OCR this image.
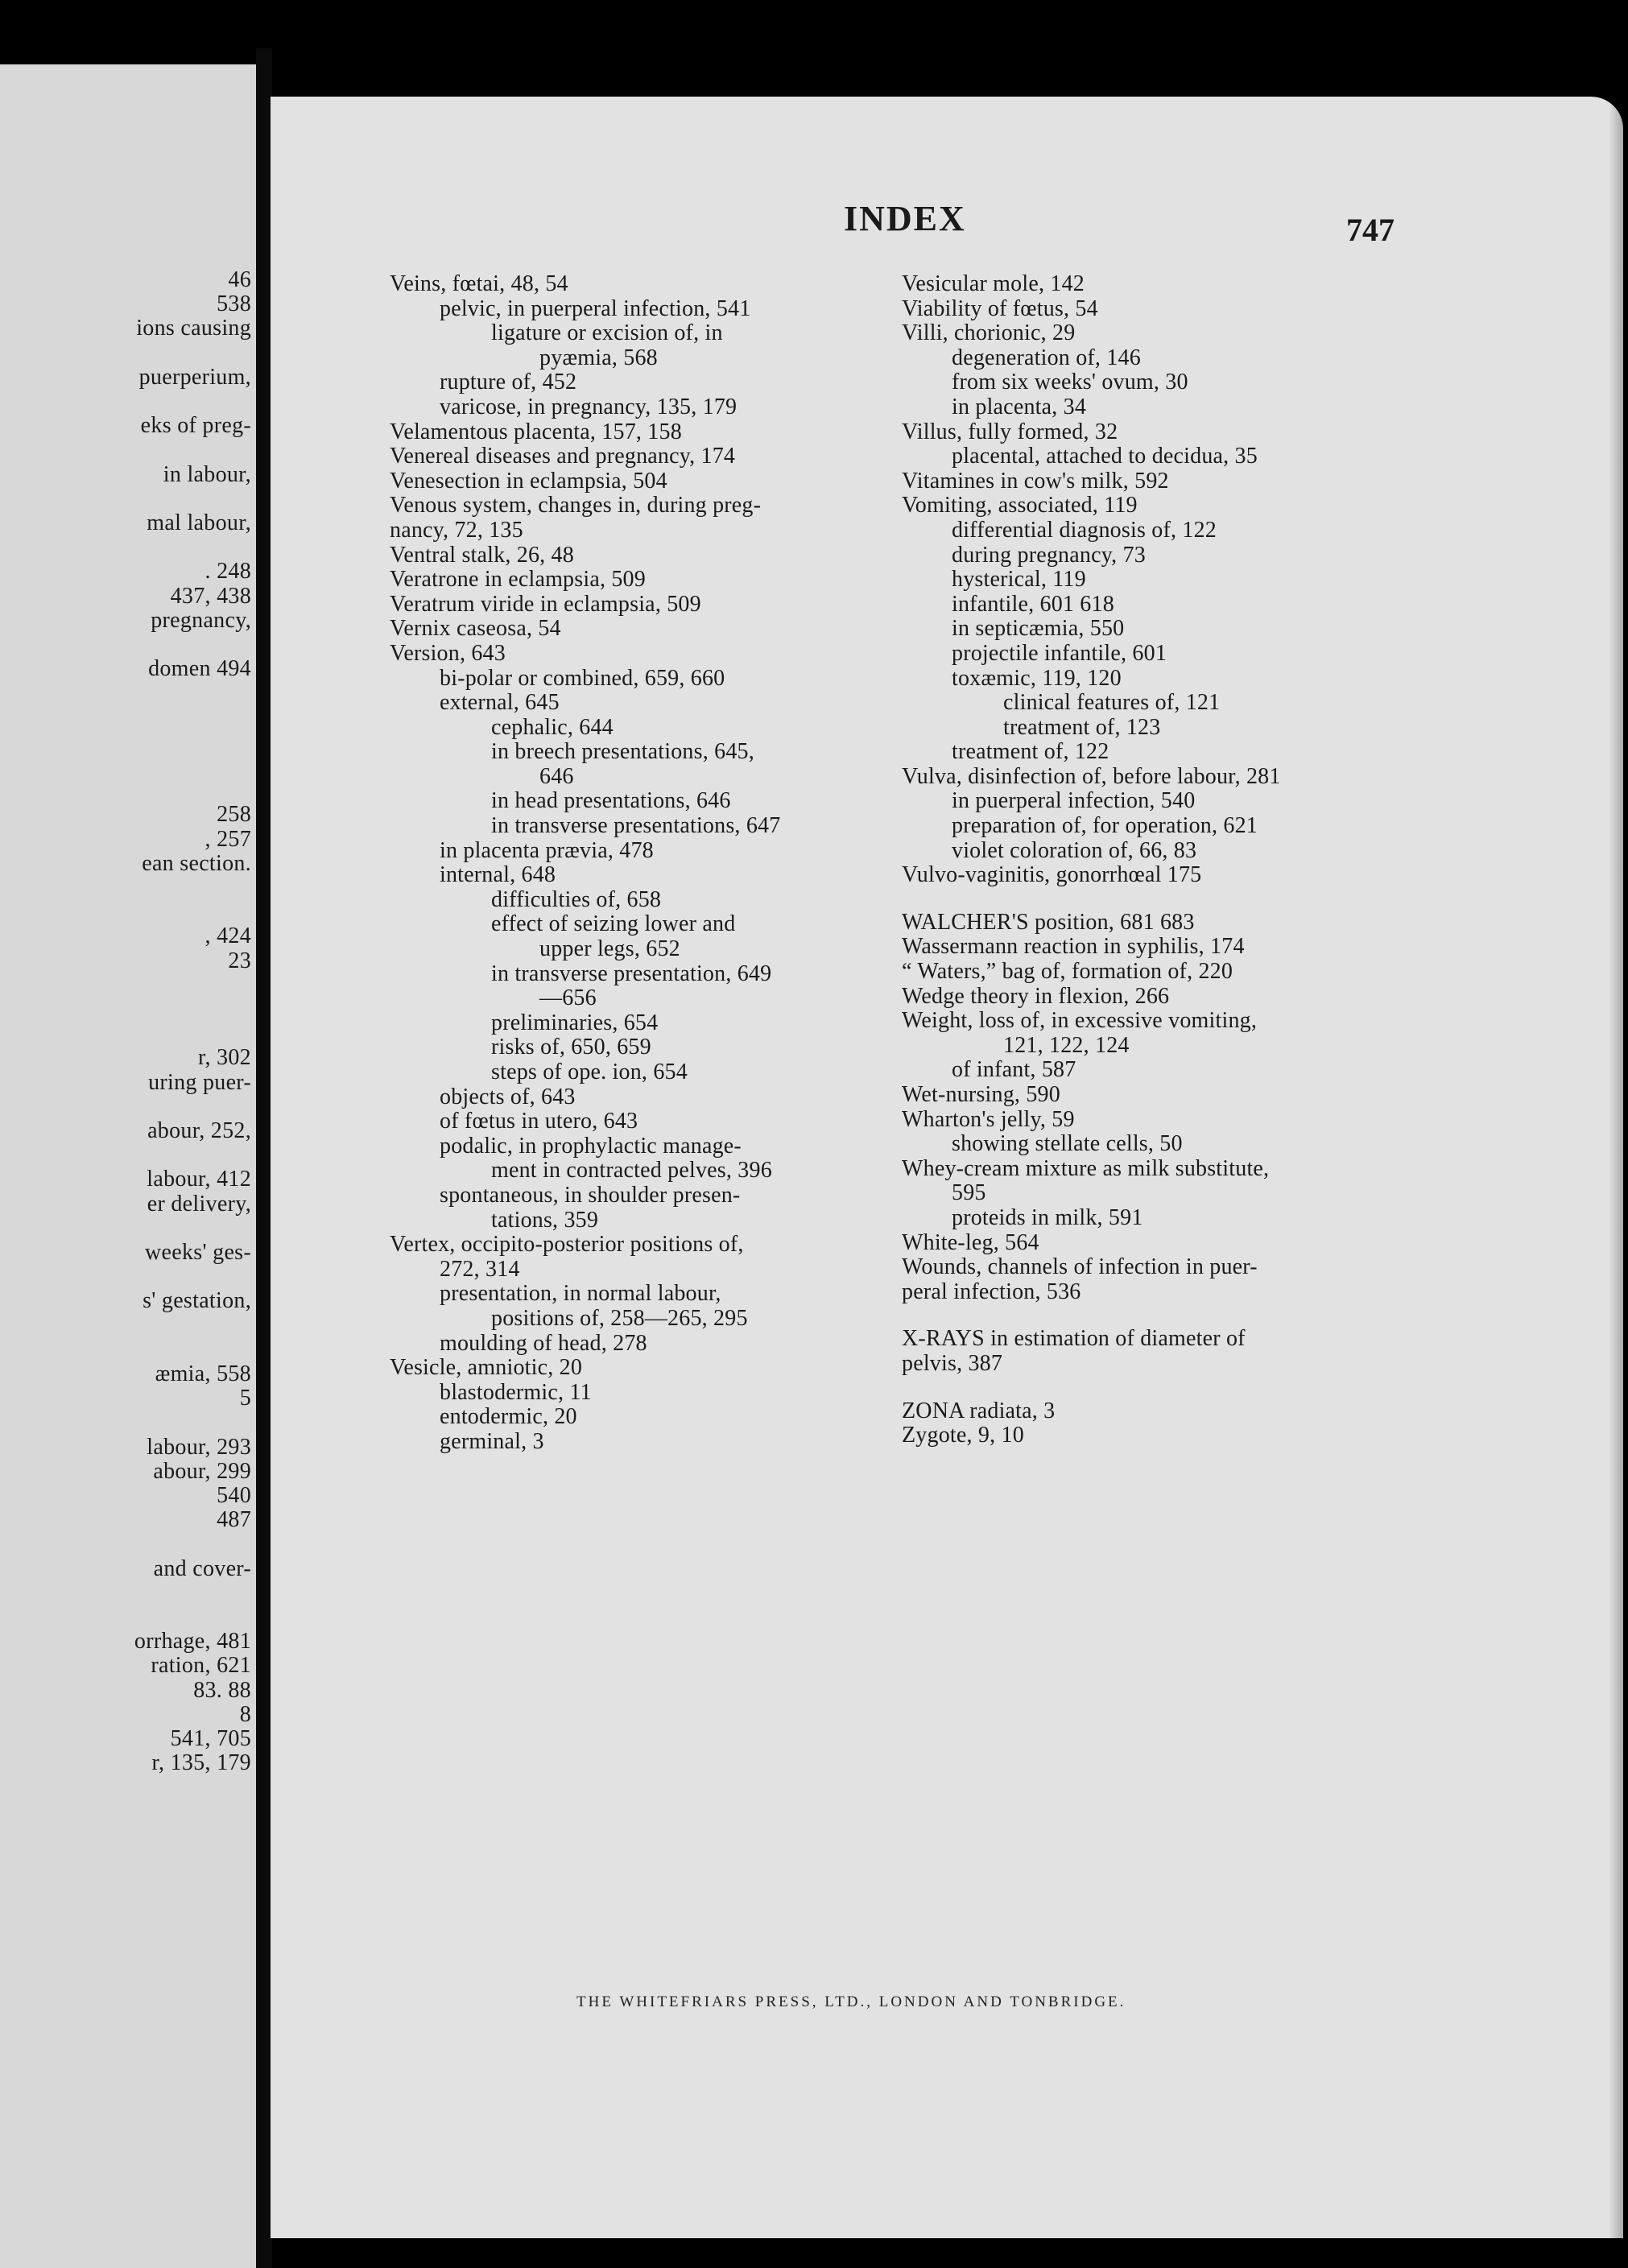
46
538
ions causing
puerperium,
eks of preg-
in labour,
mal labour,
. 248
437, 438
pregnancy,
domen 494
258
, 257
ean section.
, 424
23
r, 302
uring puer-
abour, 252,
labour, 412
er delivery,
weeks' ges-
s' gestation,
æmia, 558
5
labour, 293
abour, 299
540
487
and cover-
orrhage, 481
ration, 621
83. 88
8
541, 705
r, 135, 179
INDEX	747
Veins, fœtai, 48, 54
pelvic, in puerperal infection, 541
ligature or excision of, in
pyæmia, 568
rupture of, 452
varicose, in pregnancy, 135, 179
Velamentous placenta, 157, 158
Venereal diseases and pregnancy, 174
Venesection in eclampsia, 504
Venous system, changes in, during preg-
nancy, 72, 135
Ventral stalk, 26, 48
Veratrone in eclampsia, 509
Veratrum viride in eclampsia, 509
Vernix caseosa, 54
Version, 643
bi-polar or combined, 659, 660
external, 645
cephalic, 644
in breech presentations, 645,
646
in head presentations, 646
in transverse presentations, 647
in placenta prævia, 478
internal, 648
difficulties of, 658
effect of seizing lower and
upper legs, 652
in transverse presentation, 649
—656
preliminaries, 654
risks of, 650, 659
steps of ope. ion, 654
objects of, 643
of fœtus in utero, 643
podalic, in prophylactic manage-
ment in contracted pelves, 396
spontaneous, in shoulder presen-
tations, 359
Vertex, occipito-posterior positions of,
272, 314
presentation, in normal labour,
positions of, 258—265, 295
moulding of head, 278
Vesicle, amniotic, 20
blastodermic, 11
entodermic, 20
germinal, 3
Vesicular mole, 142
Viability of fœtus, 54
Villi, chorionic, 29
degeneration of, 146
from six weeks' ovum, 30
in placenta, 34
Villus, fully formed, 32
placental, attached to decidua, 35
Vitamines in cow's milk, 592
Vomiting, associated, 119
differential diagnosis of, 122
during pregnancy, 73
hysterical, 119
infantile, 601 618
in septicæmia, 550
projectile infantile, 601
toxæmic, 119, 120
clinical features of, 121
treatment of, 123
treatment of, 122
Vulva, disinfection of, before labour, 281
in puerperal infection, 540
preparation of, for operation, 621
violet coloration of, 66, 83
Vulvo-vaginitis, gonorrhœal 175
WALCHER'S position, 681 683
Wassermann reaction in syphilis, 174
“ Waters,” bag of, formation of, 220
Wedge theory in flexion, 266
Weight, loss of, in excessive vomiting,
121, 122, 124
of infant, 587
Wet-nursing, 590
Wharton's jelly, 59
showing stellate cells, 50
Whey-cream mixture as milk substitute,
595
proteids in milk, 591
White-leg, 564
Wounds, channels of infection in puer-
peral infection, 536
X-RAYS in estimation of diameter of
pelvis, 387
ZONA radiata, 3
Zygote, 9, 10
THE WHITEFRIARS PRESS, LTD., LONDON AND TONBRIDGE.
